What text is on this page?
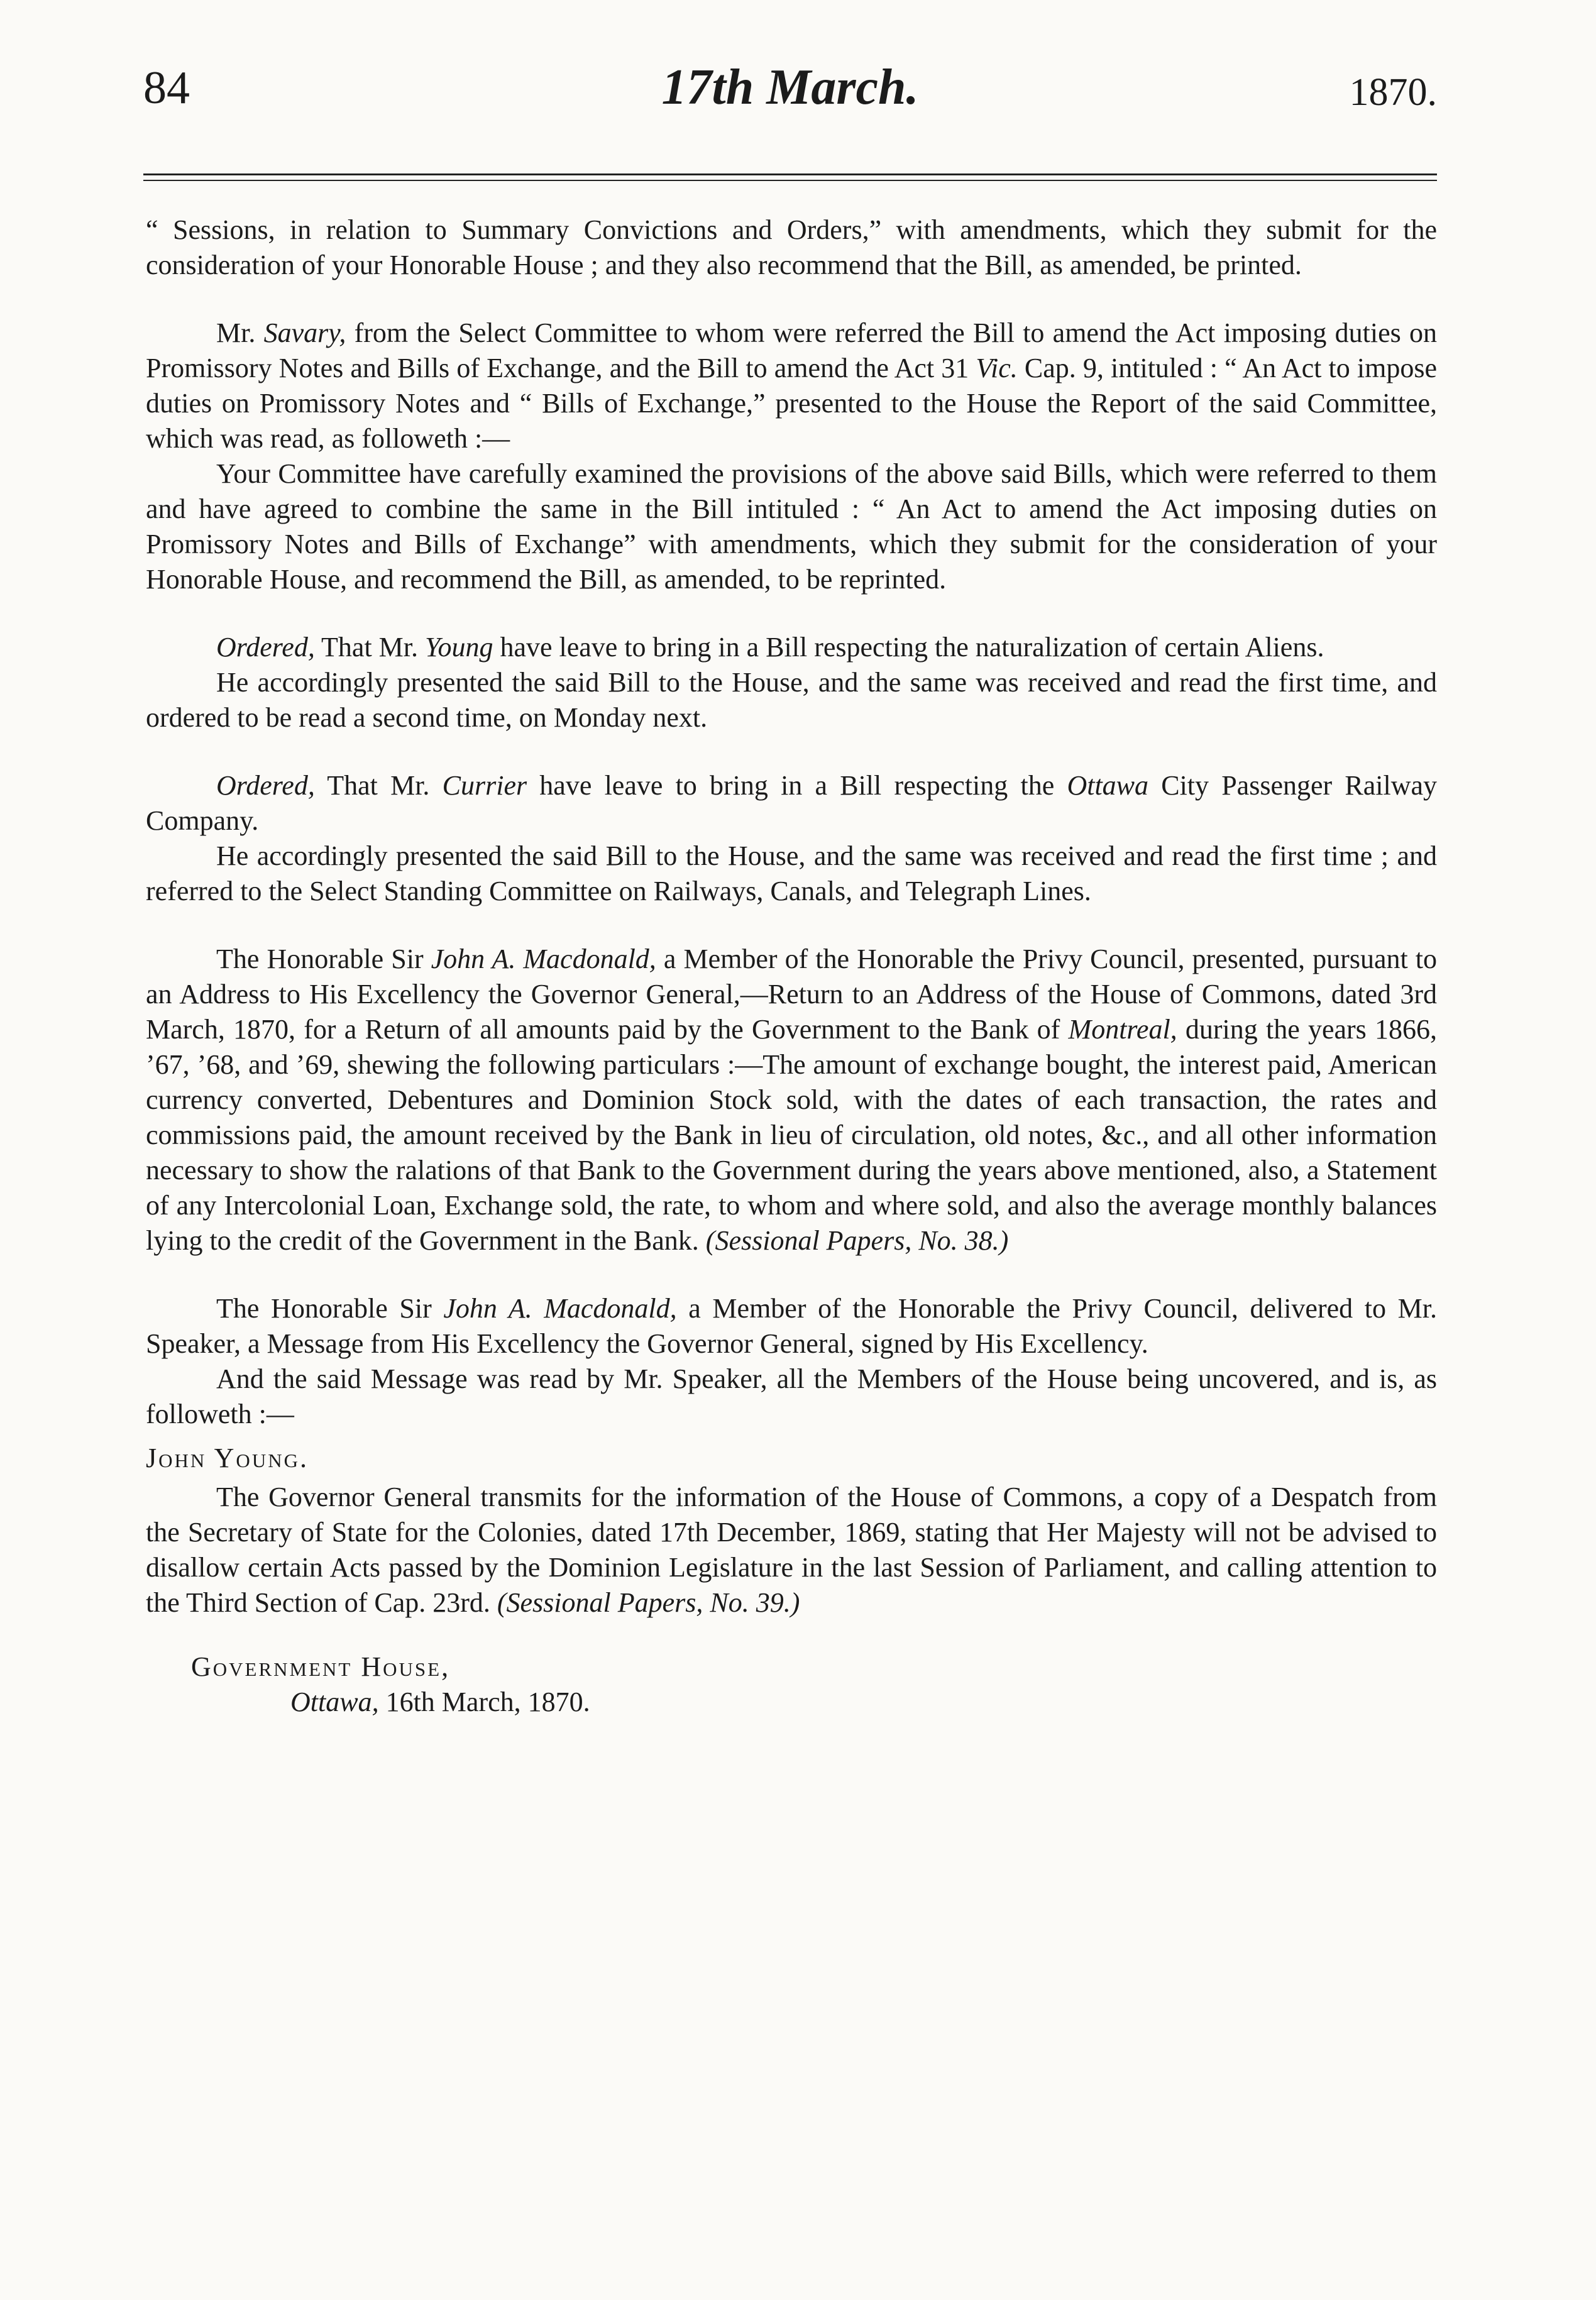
84	17th March.	1870.

“ Sessions, in relation to Summary Convictions and Orders,” with amendments, which they submit for the consideration of your Honorable House ; and they also recommend that the Bill, as amended, be printed.

Mr. Savary, from the Select Committee to whom were referred the Bill to amend the Act imposing duties on Promissory Notes and Bills of Exchange, and the Bill to amend the Act 31 Vic. Cap. 9, intituled : “ An Act to impose duties on Promissory Notes and “ Bills of Exchange,” presented to the House the Report of the said Committee, which was read, as followeth :—

Your Committee have carefully examined the provisions of the above said Bills, which were referred to them and have agreed to combine the same in the Bill intituled : “ An Act to amend the Act imposing duties on Promissory Notes and Bills of Exchange” with amendments, which they submit for the consideration of your Honorable House, and recommend the Bill, as amended, to be reprinted.

Ordered, That Mr. Young have leave to bring in a Bill respecting the naturalization of certain Aliens.

He accordingly presented the said Bill to the House, and the same was received and read the first time, and ordered to be read a second time, on Monday next.

Ordered, That Mr. Currier have leave to bring in a Bill respecting the Ottawa City Passenger Railway Company.

He accordingly presented the said Bill to the House, and the same was received and read the first time ; and referred to the Select Standing Committee on Railways, Canals, and Telegraph Lines.

The Honorable Sir John A. Macdonald, a Member of the Honorable the Privy Council, presented, pursuant to an Address to His Excellency the Governor General,—Return to an Address of the House of Commons, dated 3rd March, 1870, for a Return of all amounts paid by the Government to the Bank of Montreal, during the years 1866, ’67, ’68, and ’69, shewing the following particulars :—The amount of exchange bought, the interest paid, American currency converted, Debentures and Dominion Stock sold, with the dates of each transaction, the rates and commissions paid, the amount received by the Bank in lieu of circulation, old notes, &c., and all other information necessary to show the ralations of that Bank to the Government during the years above mentioned, also, a Statement of any Intercolonial Loan, Exchange sold, the rate, to whom and where sold, and also the average monthly balances lying to the credit of the Government in the Bank. (Sessional Papers, No. 38.)

The Honorable Sir John A. Macdonald, a Member of the Honorable the Privy Council, delivered to Mr. Speaker, a Message from His Excellency the Governor General, signed by His Excellency.

And the said Message was read by Mr. Speaker, all the Members of the House being uncovered, and is, as followeth :—

John Young.

The Governor General transmits for the information of the House of Commons, a copy of a Despatch from the Secretary of State for the Colonies, dated 17th December, 1869, stating that Her Majesty will not be advised to disallow certain Acts passed by the Dominion Legislature in the last Session of Parliament, and calling attention to the Third Section of Cap. 23rd. (Sessional Papers, No. 39.)

Government House,

Ottawa, 16th March, 1870.
